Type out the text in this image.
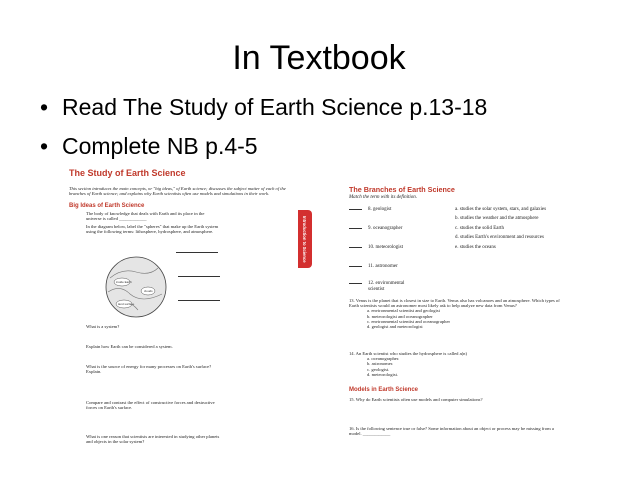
In Textbook
• Read The Study of Earth Science p.13-18
• Complete NB p.4-5
The Study of Earth Science
This section introduces the main concepts, or "big ideas," of Earth science; discusses the subject matter of each of the branches of Earth science; and explains why Earth scientists often use models and simulations in their work.
Big Ideas of Earth Science
The body of knowledge that deals with Earth and its place in the universe is called ____________
In the diagram below, label the "spheres" that make up the Earth system using the following terms: lithosphere, hydrosphere, and atmosphere.
inside Earth
clouds
land surface
What is a system?
Explain how Earth can be considered a system.
What is the source of energy for many processes on Earth's surface? Explain.
Compare and contrast the effect of constructive forces and destructive forces on Earth's surface.
What is one reason that scientists are interested in studying other planets and objects in the solar system?
Introduction to Science
The Branches of Earth Science
Match the term with its definition.
8. geologist	a. studies the solar system, stars, and galaxies
b. studies the weather and the atmosphere
9. oceanographer	c. studies the solid Earth
d. studies Earth's environment and resources
10. meteorologist	e. studies the oceans
11. astronomer
12. environmental scientist
13. Venus is the planet that is closest in size to Earth. Venus also has volcanoes and an atmosphere. Which types of Earth scientists would an astronomer most likely ask to help analyze new data from Venus?
a. environmental scientist and geologist
b. meteorologist and oceanographer
c. environmental scientist and oceanographer
d. geologist and meteorologist
14. An Earth scientist who studies the hydrosphere is called a(n)
a. oceanographer.
b. astronomer.
c. geologist.
d. meteorologist.
Models in Earth Science
15. Why do Earth scientists often use models and computer simulations?
16. Is the following sentence true or false? Some information about an object or process may be missing from a model. ____________
